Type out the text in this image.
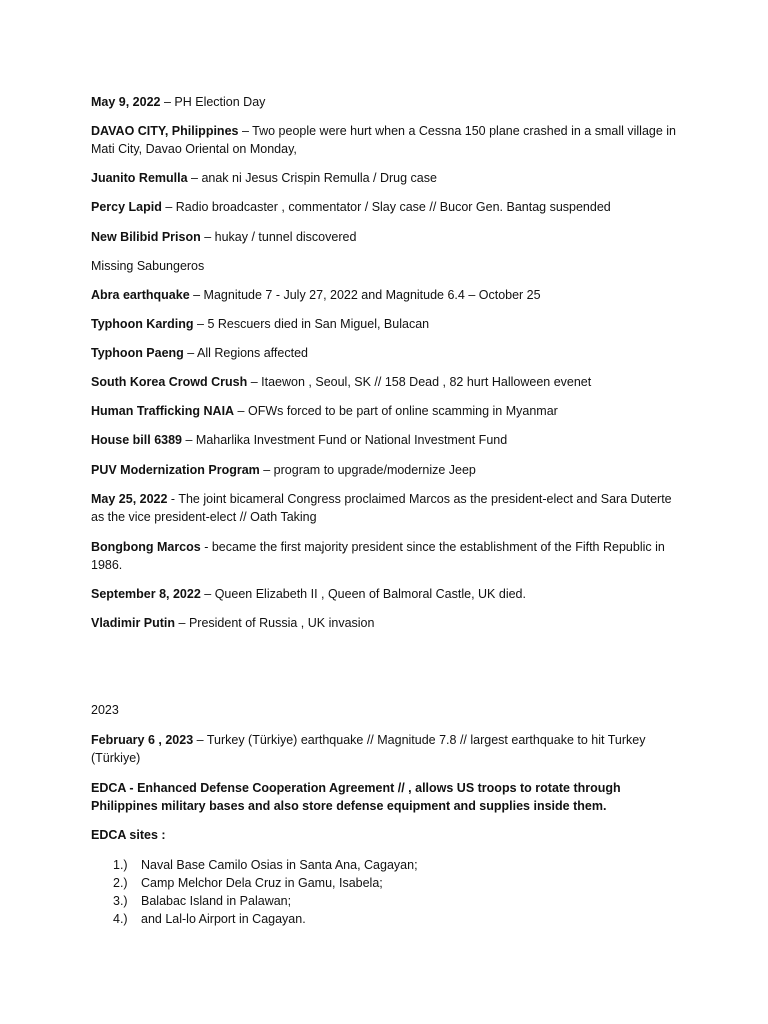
May 9, 2022 – PH Election Day

DAVAO CITY, Philippines – Two people were hurt when a Cessna 150 plane crashed in a small village in Mati City, Davao Oriental on Monday,

Juanito Remulla – anak ni Jesus Crispin Remulla / Drug case

Percy Lapid – Radio broadcaster , commentator / Slay case // Bucor Gen. Bantag suspended

New Bilibid Prison – hukay / tunnel discovered

Missing Sabungeros

Abra earthquake – Magnitude 7 - July 27, 2022 and Magnitude 6.4 – October 25

Typhoon Karding – 5 Rescuers died in San Miguel, Bulacan

Typhoon Paeng – All Regions affected

South Korea Crowd Crush – Itaewon , Seoul, SK // 158 Dead , 82 hurt Halloween evenet

Human Trafficking NAIA – OFWs forced to be part of online scamming in Myanmar

House bill 6389 – Maharlika Investment Fund or National Investment Fund

PUV Modernization Program – program to upgrade/modernize Jeep

May 25, 2022 - The joint bicameral Congress proclaimed Marcos as the president-elect and Sara Duterte as the vice president-elect // Oath Taking

Bongbong Marcos - became the first majority president since the establishment of the Fifth Republic in 1986.

September 8, 2022 – Queen Elizabeth II , Queen of Balmoral Castle, UK died.

Vladimir Putin – President of Russia , UK invasion

2023

February 6 , 2023 – Turkey (Türkiye) earthquake // Magnitude 7.8 // largest earthquake to hit Turkey (Türkiye)

EDCA - Enhanced Defense Cooperation Agreement // , allows US troops to rotate through Philippines military bases and also store defense equipment and supplies inside them.

EDCA sites :

1.) Naval Base Camilo Osias in Santa Ana, Cagayan;
2.) Camp Melchor Dela Cruz in Gamu, Isabela;
3.) Balabac Island in Palawan;
4.) and Lal-lo Airport in Cagayan.
